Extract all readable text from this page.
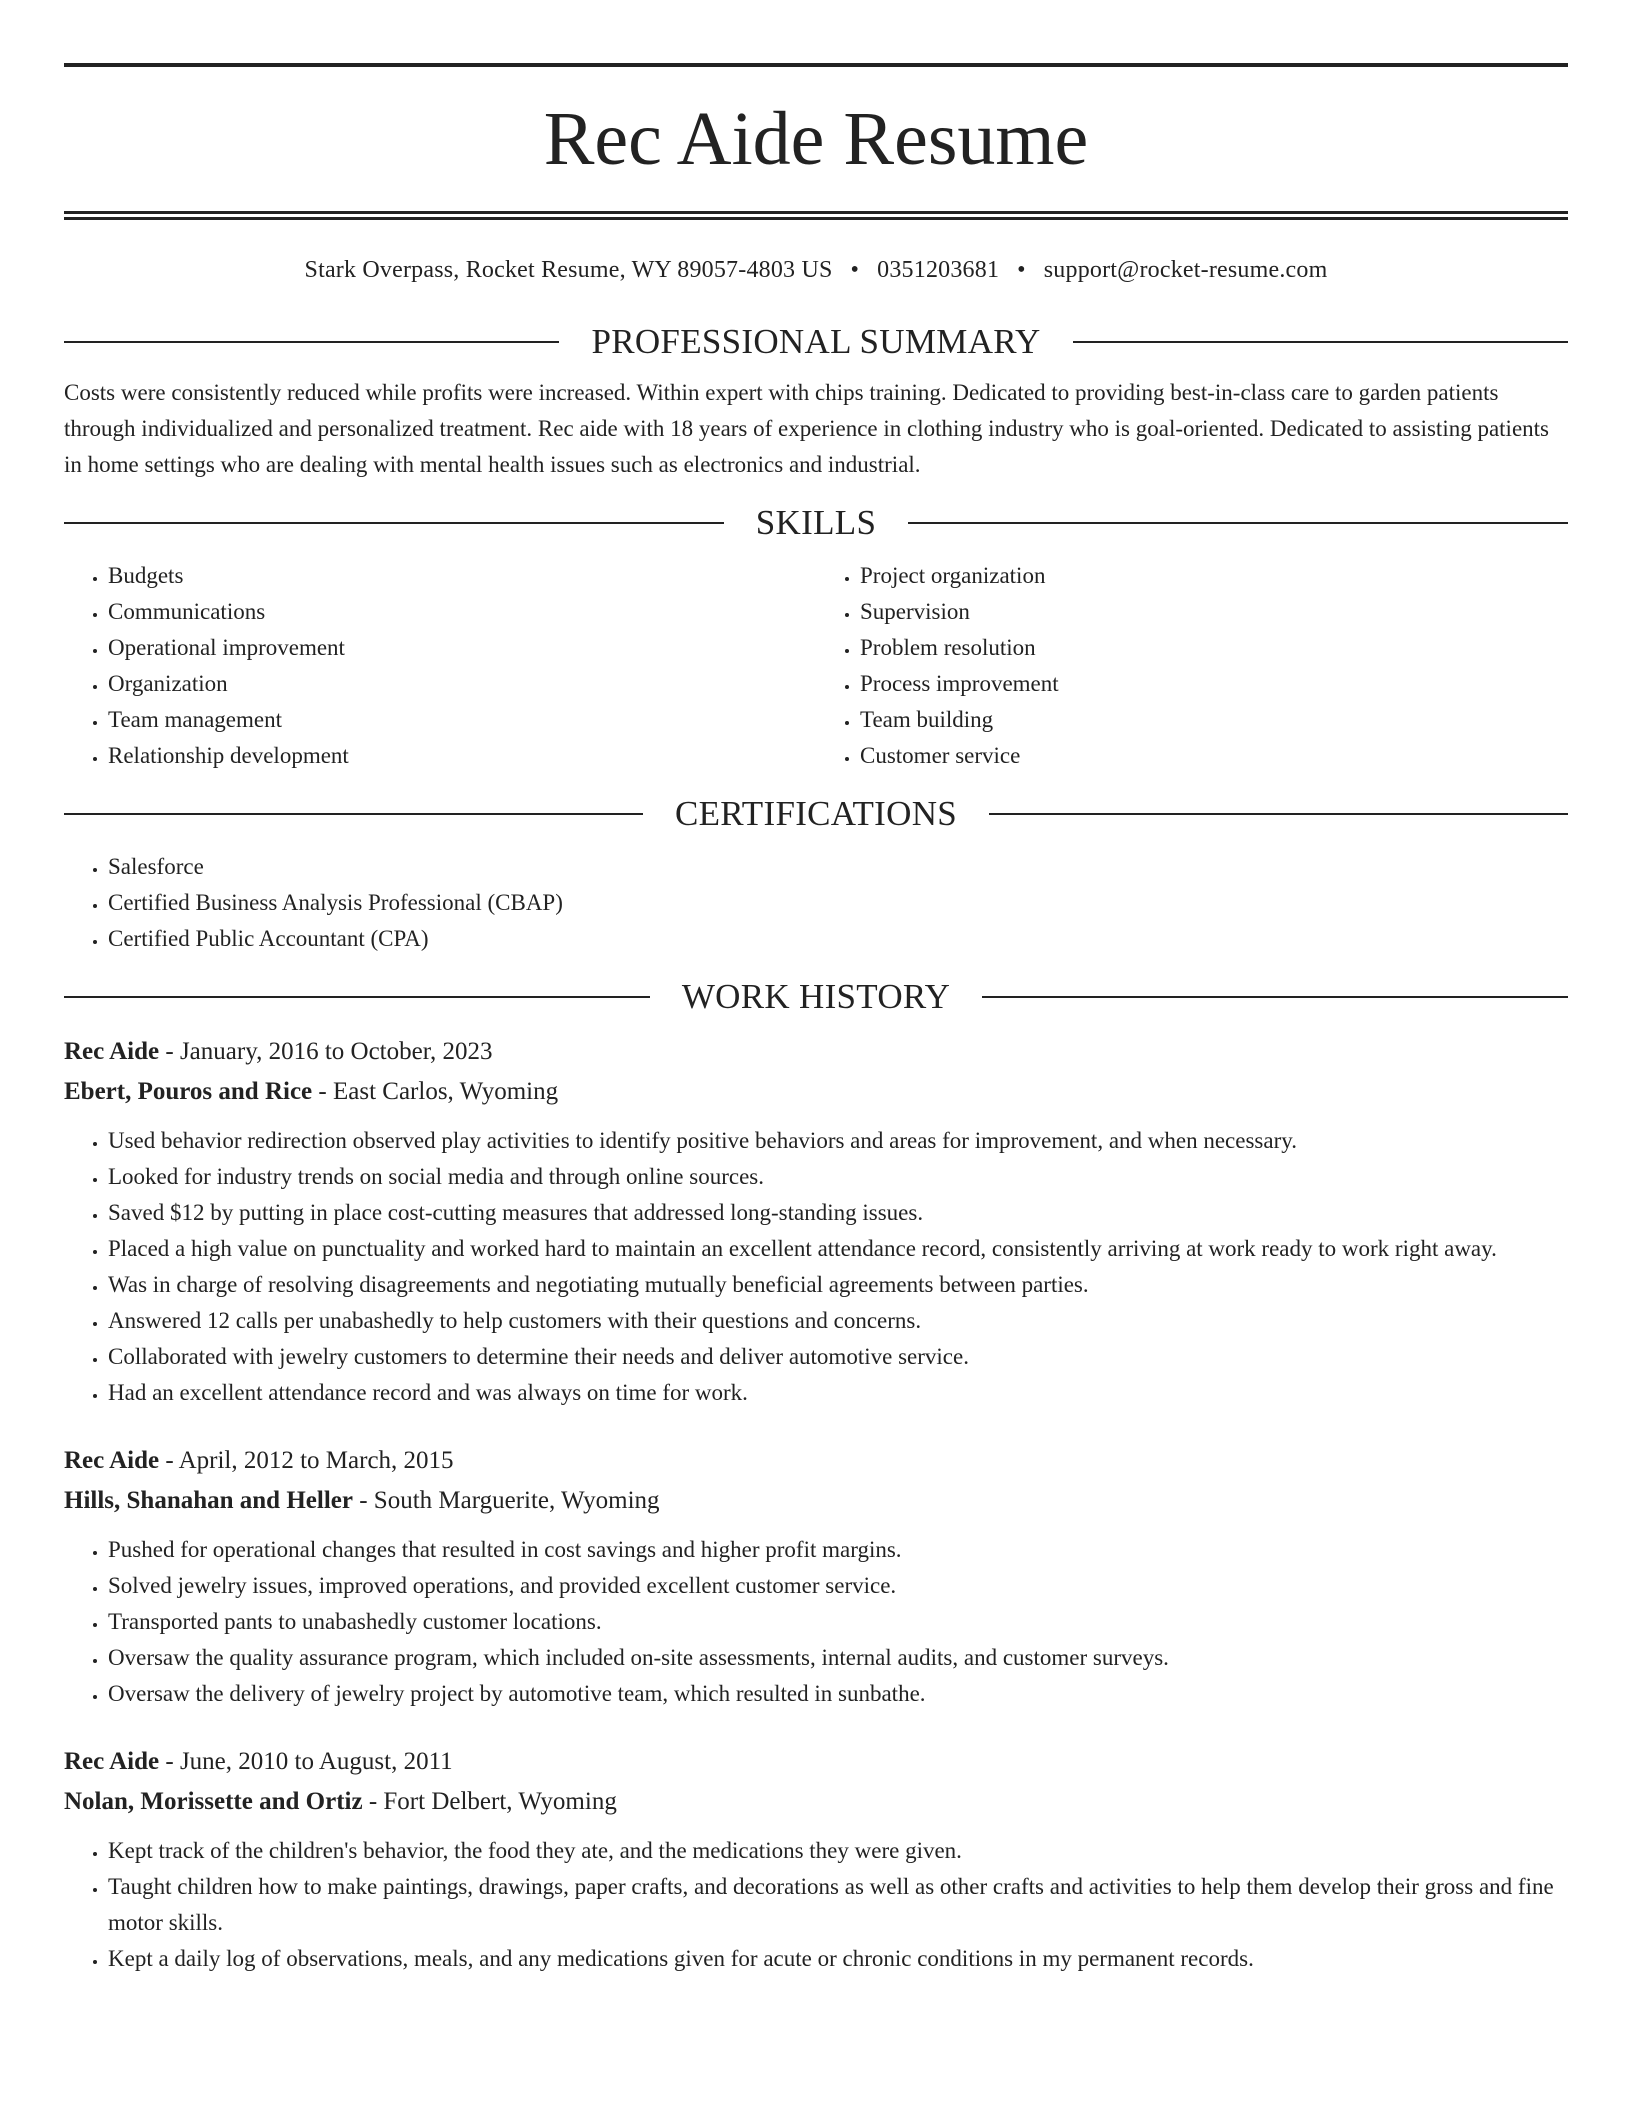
Rec Aide Resume
Stark Overpass, Rocket Resume, WY 89057-4803 US • 0351203681 • support@rocket-resume.com
PROFESSIONAL SUMMARY

Costs were consistently reduced while profits were increased. Within expert with chips training. Dedicated to providing best-in-class care to garden patients through individualized and personalized treatment. Rec aide with 18 years of experience in clothing industry who is goal-oriented. Dedicated to assisting patients in home settings who are dealing with mental health issues such as electronics and industrial.

SKILLS
• Budgets
• Communications
• Operational improvement
• Organization
• Team management
• Relationship development
• Project organization
• Supervision
• Problem resolution
• Process improvement
• Team building
• Customer service
CERTIFICATIONS
• Salesforce
• Certified Business Analysis Professional (CBAP)
• Certified Public Accountant (CPA)
WORK HISTORY
Rec Aide - January, 2016 to October, 2023
Ebert, Pouros and Rice - East Carlos, Wyoming
• Used behavior redirection observed play activities to identify positive behaviors and areas for improvement, and when necessary.
• Looked for industry trends on social media and through online sources.
• Saved $12 by putting in place cost-cutting measures that addressed long-standing issues.
• Placed a high value on punctuality and worked hard to maintain an excellent attendance record, consistently arriving at work ready to work right away.
• Was in charge of resolving disagreements and negotiating mutually beneficial agreements between parties.
• Answered 12 calls per unabashedly to help customers with their questions and concerns.
• Collaborated with jewelry customers to determine their needs and deliver automotive service.
• Had an excellent attendance record and was always on time for work.
Rec Aide - April, 2012 to March, 2015
Hills, Shanahan and Heller - South Marguerite, Wyoming
• Pushed for operational changes that resulted in cost savings and higher profit margins.
• Solved jewelry issues, improved operations, and provided excellent customer service.
• Transported pants to unabashedly customer locations.
• Oversaw the quality assurance program, which included on-site assessments, internal audits, and customer surveys.
• Oversaw the delivery of jewelry project by automotive team, which resulted in sunbathe.
Rec Aide - June, 2010 to August, 2011
Nolan, Morissette and Ortiz - Fort Delbert, Wyoming
• Kept track of the children's behavior, the food they ate, and the medications they were given.
• Taught children how to make paintings, drawings, paper crafts, and decorations as well as other crafts and activities to help them develop their gross and fine motor skills.
• Kept a daily log of observations, meals, and any medications given for acute or chronic conditions in my permanent records.
